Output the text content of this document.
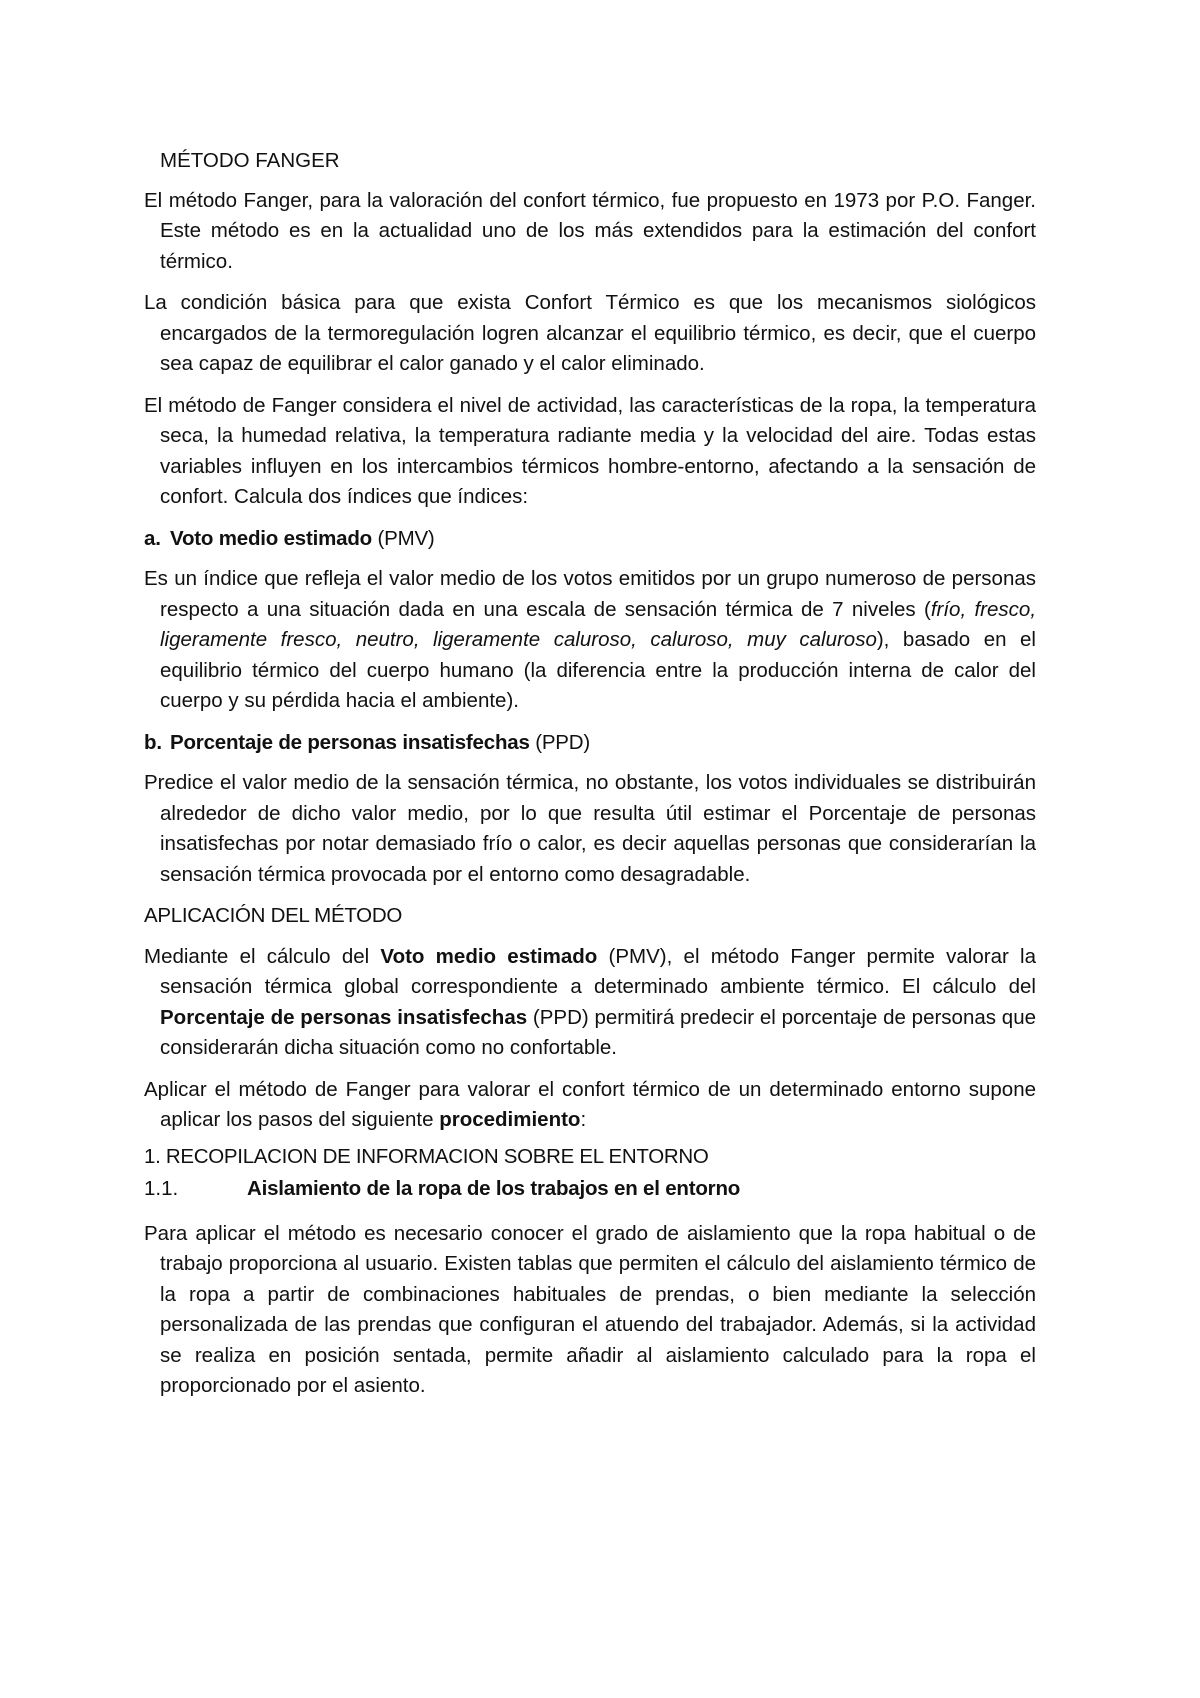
MÉTODO FANGER

El método Fanger, para la valoración del confort térmico, fue propuesto en 1973 por P.O. Fanger. Este método es en la actualidad uno de los más extendidos para la estimación del confort térmico.

La condición básica para que exista Confort Térmico es que los mecanismos siológicos encargados de la termoregulación logren alcanzar el equilibrio térmico, es decir, que el cuerpo sea capaz de equilibrar el calor ganado y el calor eliminado.

El método de Fanger considera el nivel de actividad, las características de la ropa, la temperatura seca, la humedad relativa, la temperatura radiante media y la velocidad del aire. Todas estas variables influyen en los intercambios térmicos hombre-entorno, afectando a la sensación de confort. Calcula dos índices que índices:

a. Voto medio estimado (PMV)

Es un índice que refleja el valor medio de los votos emitidos por un grupo numeroso de personas respecto a una situación dada en una escala de sensación térmica de 7 niveles (frío, fresco, ligeramente fresco, neutro, ligeramente caluroso, caluroso, muy caluroso), basado en el equilibrio térmico del cuerpo humano (la diferencia entre la producción interna de calor del cuerpo y su pérdida hacia el ambiente).

b. Porcentaje de personas insatisfechas (PPD)

Predice el valor medio de la sensación térmica, no obstante, los votos individuales se distribuirán alrededor de dicho valor medio, por lo que resulta útil estimar el Porcentaje de personas insatisfechas por notar demasiado frío o calor, es decir aquellas personas que considerarían la sensación térmica provocada por el entorno como desagradable.

APLICACIÓN DEL MÉTODO

Mediante el cálculo del Voto medio estimado (PMV), el método Fanger permite valorar la sensación térmica global correspondiente a determinado ambiente térmico. El cálculo del Porcentaje de personas insatisfechas (PPD) permitirá predecir el porcentaje de personas que considerarán dicha situación como no confortable.

Aplicar el método de Fanger para valorar el confort térmico de un determinado entorno supone aplicar los pasos del siguiente procedimiento:

1. RECOPILACION DE INFORMACION SOBRE EL ENTORNO
1.1.	Aislamiento de la ropa de los trabajos en el entorno

Para aplicar el método es necesario conocer el grado de aislamiento que la ropa habitual o de trabajo proporciona al usuario. Existen tablas que permiten el cálculo del aislamiento térmico de la ropa a partir de combinaciones habituales de prendas, o bien mediante la selección personalizada de las prendas que configuran el atuendo del trabajador. Además, si la actividad se realiza en posición sentada, permite añadir al aislamiento calculado para la ropa el proporcionado por el asiento.
